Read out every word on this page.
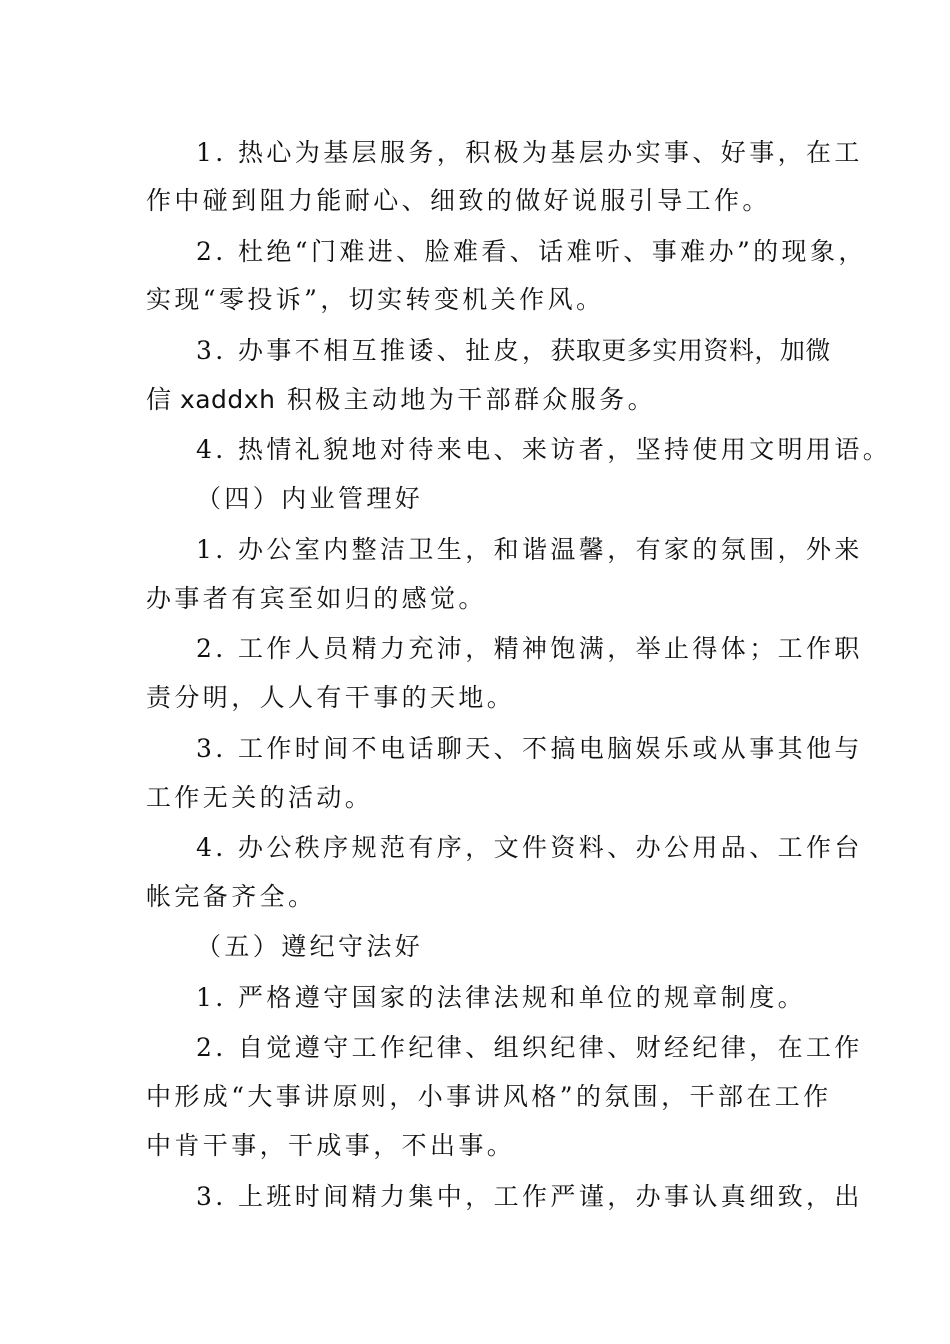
1. 热心为基层服务，积极为基层办实事、好事，在工
作中碰到阻力能耐心、细致的做好说服引导工作。
2. 杜绝“门难进、脸难看、话难听、事难办”的现象，
实现“零投诉”，切实转变机关作风。
3. 办事不相互推诿、扯皮，获取更多实用资料，加微
信 xaddxh 积极主动地为干部群众服务。
4. 热情礼貌地对待来电、来访者，坚持使用文明用语。
（四）内业管理好
1. 办公室内整洁卫生，和谐温馨，有家的氛围，外来
办事者有宾至如归的感觉。
2. 工作人员精力充沛，精神饱满，举止得体；工作职
责分明，人人有干事的天地。
3. 工作时间不电话聊天、不搞电脑娱乐或从事其他与
工作无关的活动。
4. 办公秩序规范有序，文件资料、办公用品、工作台
帐完备齐全。
（五）遵纪守法好
1. 严格遵守国家的法律法规和单位的规章制度。
2. 自觉遵守工作纪律、组织纪律、财经纪律，在工作
中形成“大事讲原则，小事讲风格”的氛围，干部在工作
中肯干事，干成事，不出事。
3. 上班时间精力集中，工作严谨，办事认真细致，出
